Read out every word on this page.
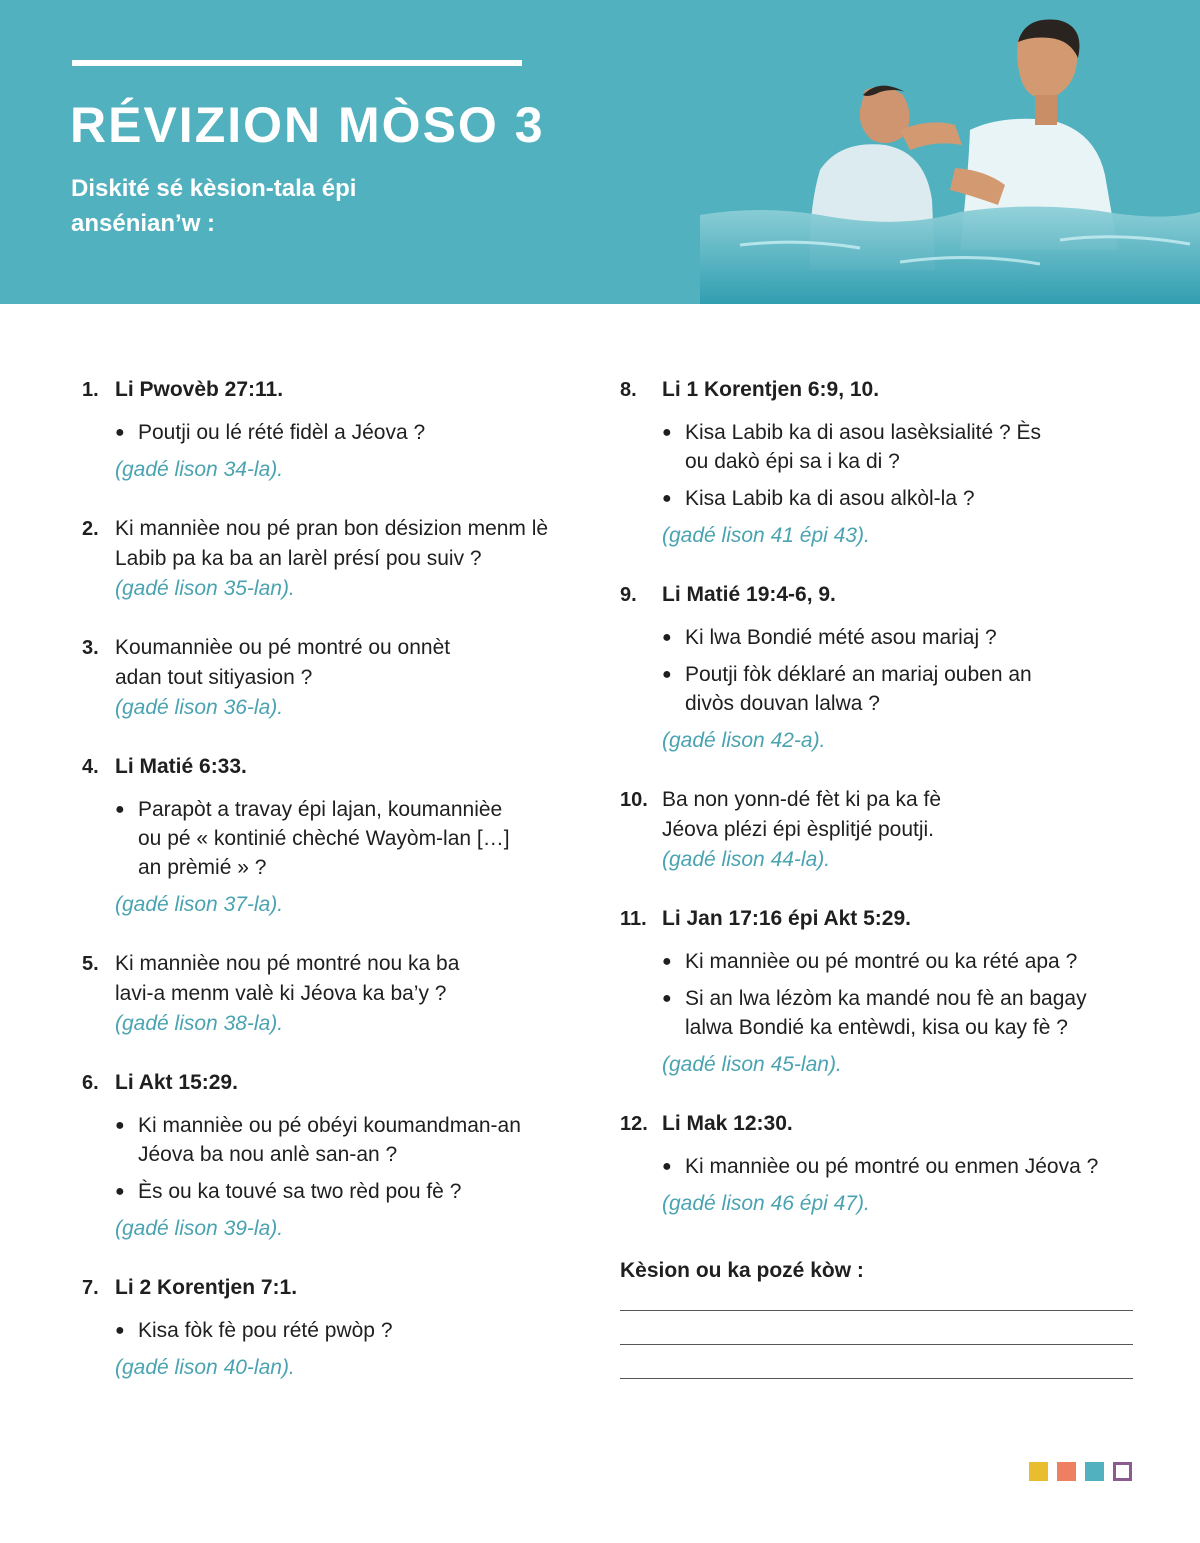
RÉVIZION MÒSO 3

Diskité sé kèsion-tala épi ansénian’w :

1. Li Pwovèb 27:11.
● Poutji ou lé rété fidèl a Jéova ?
(gadé lison 34-la).
2. Ki mannièe nou pé pran bon désizion menm lè Labib pa ka ba an larèl présí pou suiv ?
(gadé lison 35-lan).
3. Koumannièe ou pé montré ou onnèt adan tout sitiyasion ?
(gadé lison 36-la).
4. Li Matié 6:33.
● Parapòt a travay épi lajan, koumannièe ou pé « kontinié chèché Wayòm-lan […] an prèmié » ?
(gadé lison 37-la).
5. Ki mannièe nou pé montré nou ka ba lavi-a menm valè ki Jéova ka ba’y ?
(gadé lison 38-la).
6. Li Akt 15:29.
● Ki mannièe ou pé obéyi koumandman-an Jéova ba nou anlè san-an ?
● Ès ou ka touvé sa two rèd pou fè ?
(gadé lison 39-la).
7. Li 2 Korentjen 7:1.
● Kisa fòk fè pou rété pwòp ?
(gadé lison 40-lan).
8. Li 1 Korentjen 6:9, 10.
● Kisa Labib ka di asou lasèksialité ? Ès ou dakò épi sa i ka di ?
● Kisa Labib ka di asou alkòl-la ?
(gadé lison 41 épi 43).
9. Li Matié 19:4-6, 9.
● Ki lwa Bondié mété asou mariaj ?
● Poutji fòk déklaré an mariaj ouben an divòs douvan lalwa ?
(gadé lison 42-a).
10. Ba non yonn-dé fèt ki pa ka fè Jéova plézi épi èsplitjé poutji.
(gadé lison 44-la).
11. Li Jan 17:16 épi Akt 5:29.
● Ki mannièe ou pé montré ou ka rété apa ?
● Si an lwa lézòm ka mandé nou fè an bagay lalwa Bondié ka entèwdi, kisa ou kay fè ?
(gadé lison 45-lan).
12. Li Mak 12:30.
● Ki mannièe ou pé montré ou enmen Jéova ?
(gadé lison 46 épi 47).
Kèsion ou ka pozé kòw :
